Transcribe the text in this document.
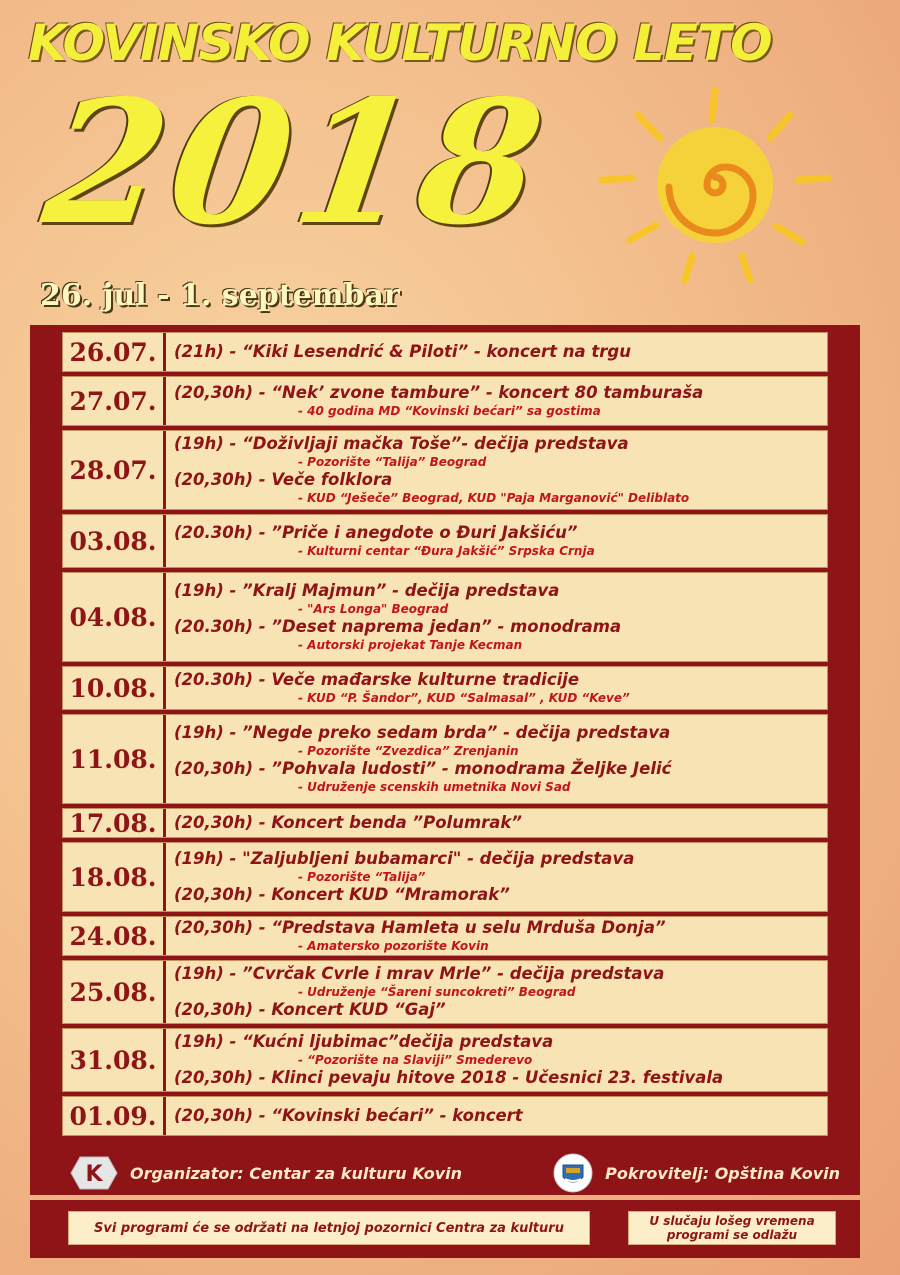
KOVINSKO KULTURNO LETO
2018
26. jul - 1. septembar
26.07.	(21h) - “Kiki Lesendrić & Piloti” - koncert na trgu
27.07.	(20,30h) - “Nek’ zvone tambure” - koncert 80 tamburaša
- 40 godina MD “Kovinski bećari” sa gostima
28.07.
(19h) - “Doživljaji mačka Toše”- dečija predstava
- Pozorište “Talija” Beograd
(20,30h) - Veče folklora
- KUD “Ješeče” Beograd, KUD "Paja Marganović" Deliblato
03.08.	(20.30h) - ”Priče i anegdote o Đuri Jakšiću”
- Kulturni centar “Đura Jakšić” Srpska Crnja
04.08.
(19h) - ”Kralj Majmun” - dečija predstava
- "Ars Longa" Beograd
(20.30h) - ”Deset naprema jedan” - monodrama
- Autorski projekat Tanje Kecman
10.08.	(20.30h) - Veče mađarske kulturne tradicije
- KUD “P. Šandor”, KUD “Salmasal” , KUD “Keve”
11.08.
(19h) - ”Negde preko sedam brda” - dečija predstava
- Pozorište “Zvezdica” Zrenjanin
(20,30h) - ”Pohvala ludosti” - monodrama Željke Jelić
- Udruženje scenskih umetnika Novi Sad
17.08.	(20,30h) - Koncert benda ”Polumrak”
18.08.
(19h) - "Zaljubljeni bubamarci" - dečija predstava
- Pozorište “Talija”
(20,30h) - Koncert KUD “Mramorak”
24.08.	(20,30h) - “Predstava Hamleta u selu Mrduša Donja”
- Amatersko pozorište Kovin
25.08.
(19h) - ”Cvrčak Cvrle i mrav Mrle” - dečija predstava
- Udruženje “Šareni suncokreti” Beograd
(20,30h) - Koncert KUD “Gaj”
31.08.
(19h) - “Kućni ljubimac”dečija predstava
- “Pozorište na Slaviji” Smederevo
(20,30h) - Klinci pevaju hitove 2018 - Učesnici 23. festivala
01.09.	(20,30h) - “Kovinski bećari” - koncert
K Organizator: Centar za kulturu Kovin	Pokrovitelj: Opština Kovin
Svi programi će se održati na letnjoj pozornici Centra za kulturu	U slučaju lošeg vremena programi se odlažu
